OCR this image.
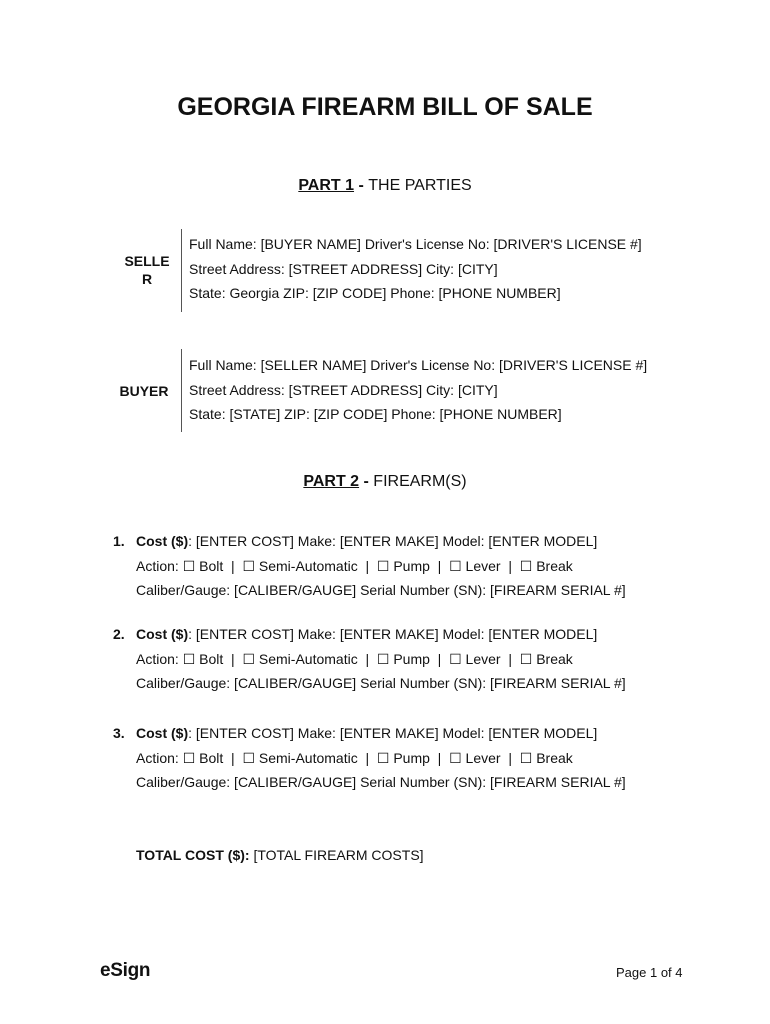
GEORGIA FIREARM BILL OF SALE
PART 1 - THE PARTIES
SELLE
R
Full Name: [BUYER NAME] Driver's License No: [DRIVER'S LICENSE #]
Street Address: [STREET ADDRESS] City: [CITY]
State: Georgia ZIP: [ZIP CODE] Phone: [PHONE NUMBER]
BUYER
Full Name: [SELLER NAME] Driver's License No: [DRIVER'S LICENSE #]
Street Address: [STREET ADDRESS] City: [CITY]
State: [STATE] ZIP: [ZIP CODE] Phone: [PHONE NUMBER]
PART 2 - FIREARM(S)
1. Cost ($): [ENTER COST] Make: [ENTER MAKE] Model: [ENTER MODEL]
Action: ☐ Bolt  |  ☐ Semi-Automatic  |  ☐ Pump  |  ☐ Lever  |  ☐ Break
Caliber/Gauge: [CALIBER/GAUGE] Serial Number (SN): [FIREARM SERIAL #]
2. Cost ($): [ENTER COST] Make: [ENTER MAKE] Model: [ENTER MODEL]
Action: ☐ Bolt  |  ☐ Semi-Automatic  |  ☐ Pump  |  ☐ Lever  |  ☐ Break
Caliber/Gauge: [CALIBER/GAUGE] Serial Number (SN): [FIREARM SERIAL #]
3. Cost ($): [ENTER COST] Make: [ENTER MAKE] Model: [ENTER MODEL]
Action: ☐ Bolt  |  ☐ Semi-Automatic  |  ☐ Pump  |  ☐ Lever  |  ☐ Break
Caliber/Gauge: [CALIBER/GAUGE] Serial Number (SN): [FIREARM SERIAL #]
TOTAL COST ($): [TOTAL FIREARM COSTS]
eSign	Page 1 of 4
